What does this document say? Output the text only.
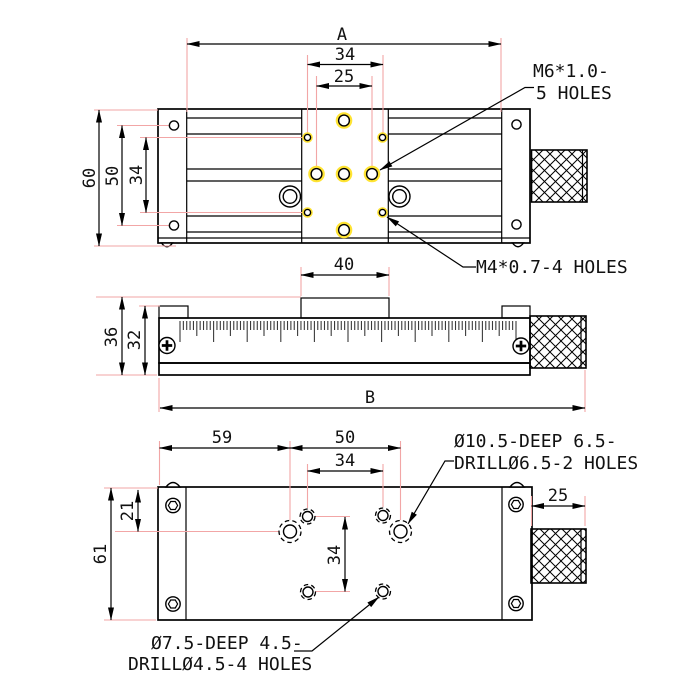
A
34
25
60 50 34
M6*1.0-
5 HOLES
M4*0.7-4 HOLES
40
36 32
B
59	50
34
21
61	34
25
Ø10.5-DEEP 6.5-
DRILLØ6.5-2 HOLES
Ø7.5-DEEP 4.5-
DRILLØ4.5-4 HOLES
